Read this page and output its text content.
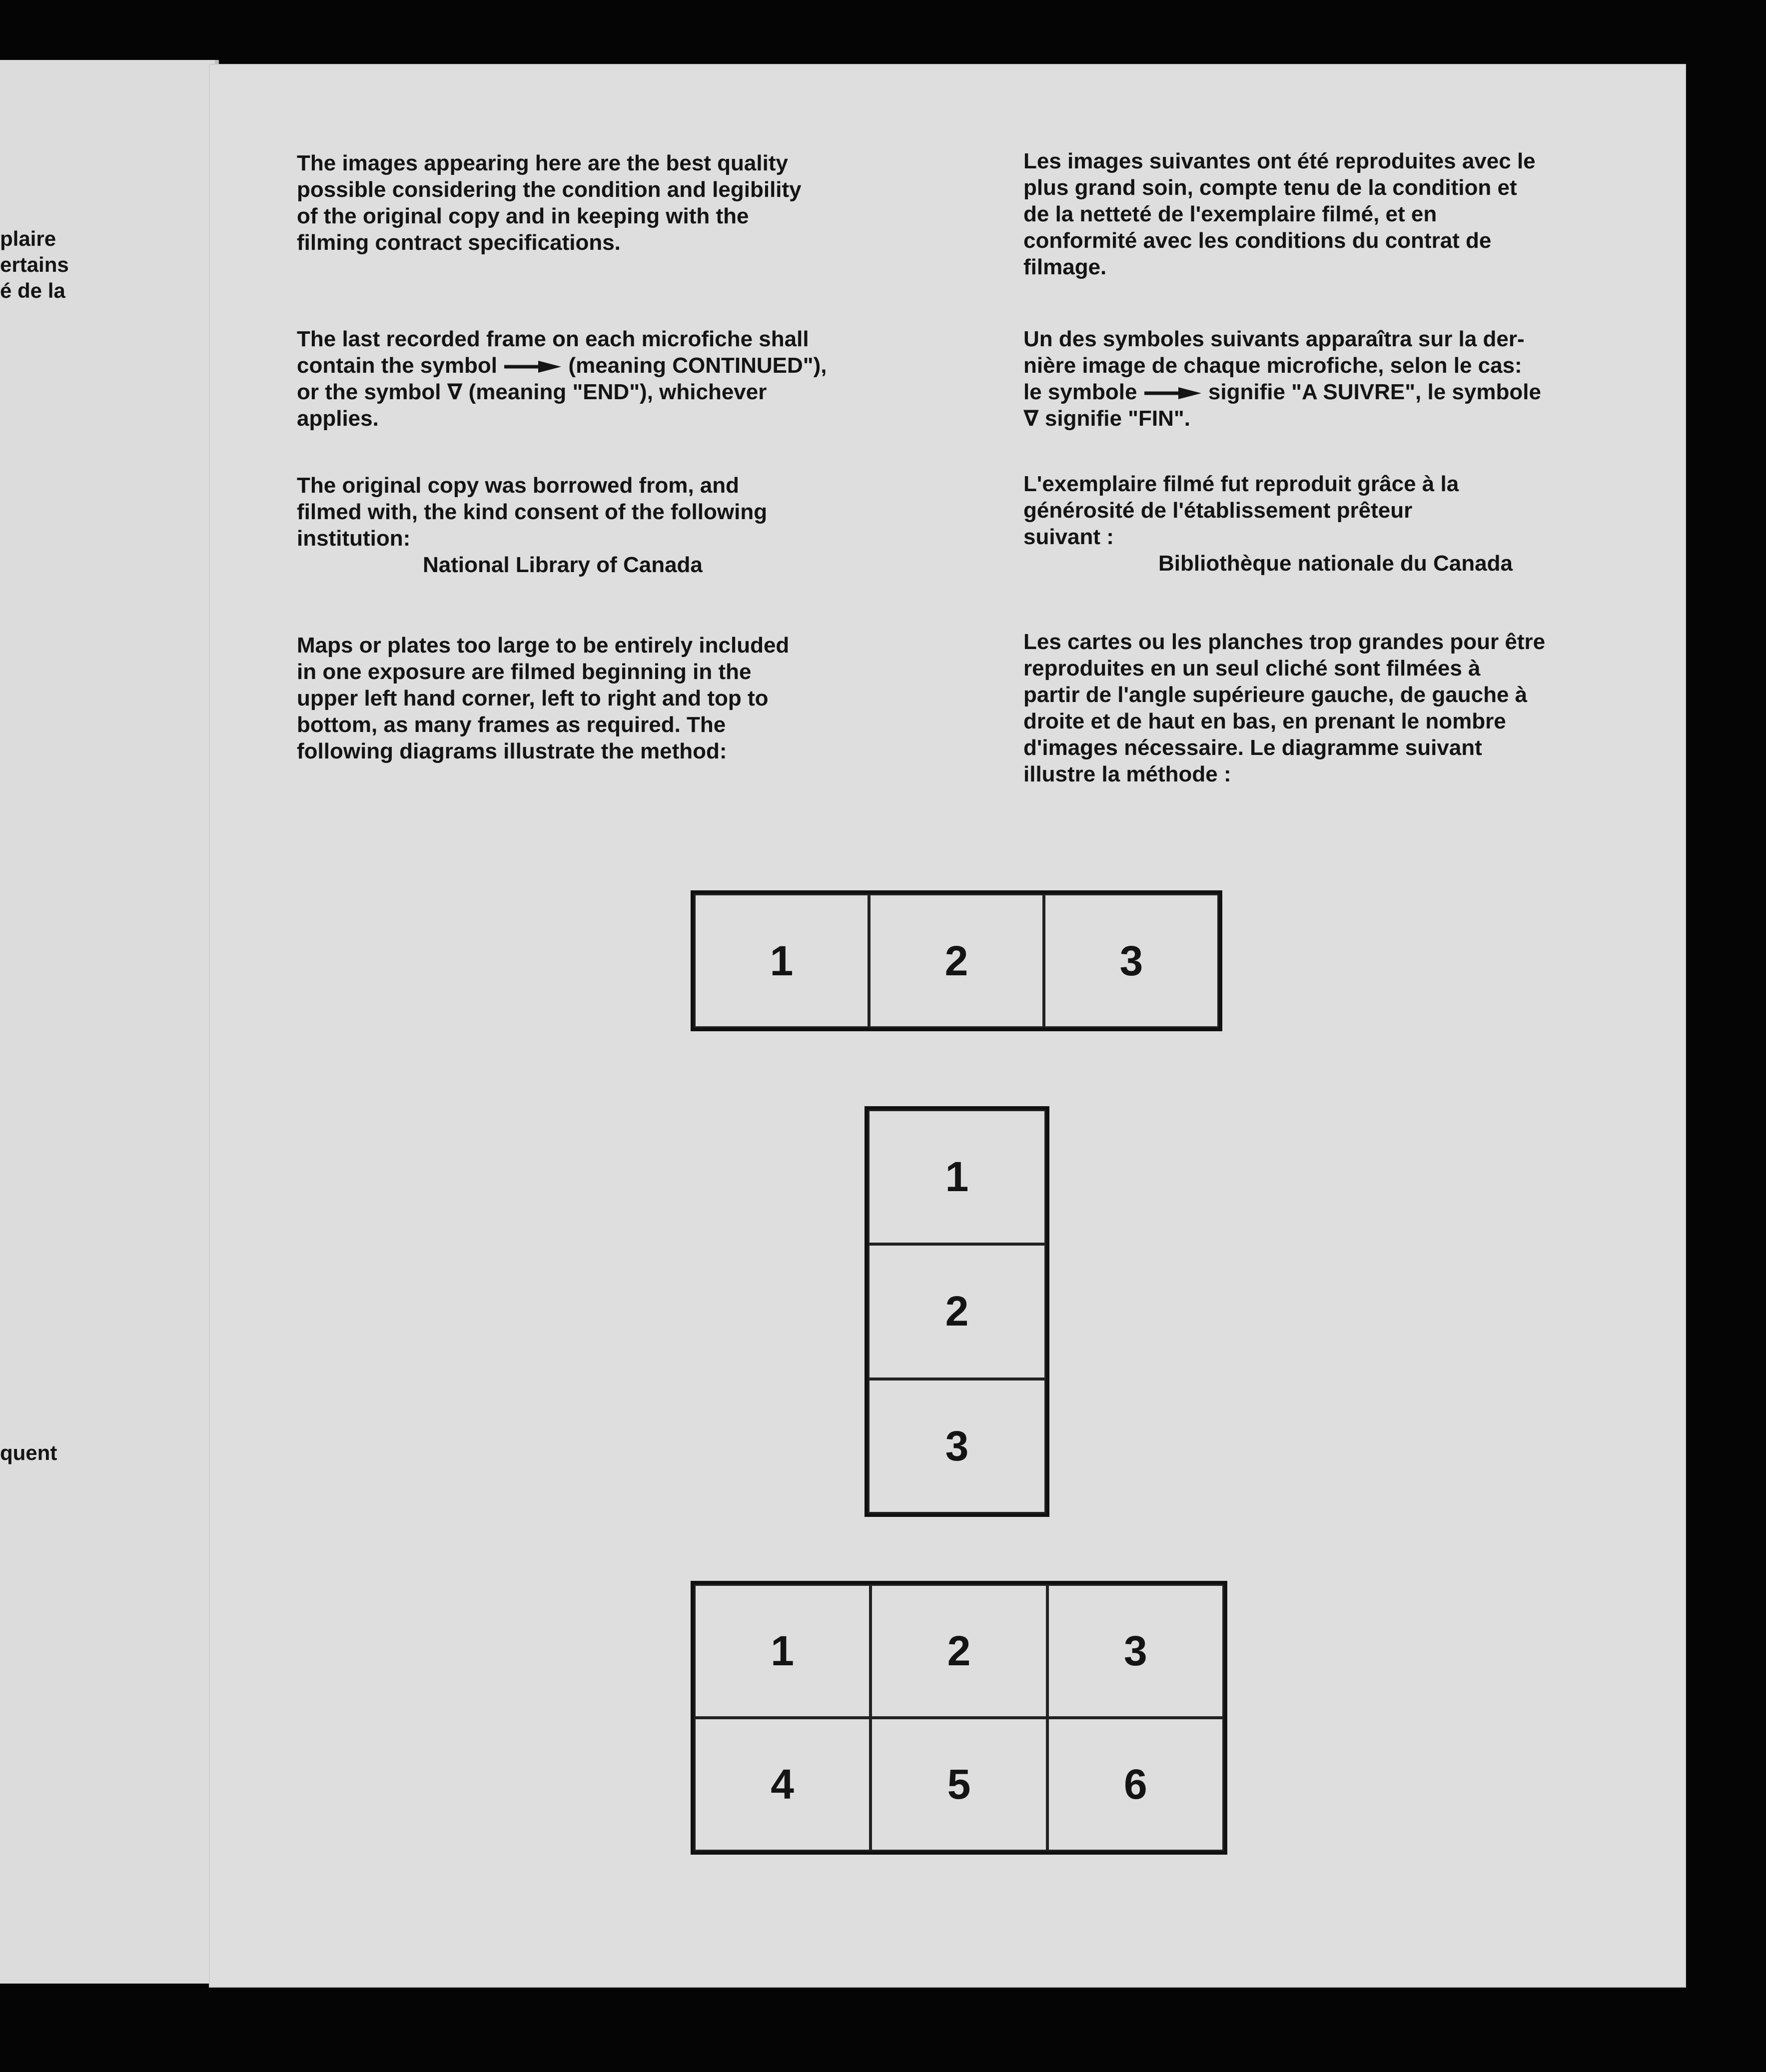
plaire
ertains
é de la
quent

The images appearing here are the best quality

possible considering the condition and legibility

of the original copy and in keeping with the

filming contract specifications.

The last recorded frame on each microfiche shall

contain the symbol	(meaning CONTINUED"),

or the symbol ∇ (meaning "END"), whichever

applies.

The original copy was borrowed from, and

filmed with, the kind consent of the following

institution:

National Library of Canada

Maps or plates too large to be entirely included

in one exposure are filmed beginning in the

upper left hand corner, left to right and top to

bottom, as many frames as required. The

following diagrams illustrate the method:

Les images suivantes ont été reproduites avec le

plus grand soin, compte tenu de la condition et

de la netteté de l'exemplaire filmé, et en

conformité avec les conditions du contrat de

filmage.

Un des symboles suivants apparaîtra sur la der-

nière image de chaque microfiche, selon le cas:

le symbole	signifie "A SUIVRE", le symbole

∇ signifie "FIN".

L'exemplaire filmé fut reproduit grâce à la

générosité de l'établissement prêteur

suivant :

Bibliothèque nationale du Canada

Les cartes ou les planches trop grandes pour être

reproduites en un seul cliché sont filmées à

partir de l'angle supérieure gauche, de gauche à

droite et de haut en bas, en prenant le nombre

d'images nécessaire. Le diagramme suivant

illustre la méthode :

1	2	3
1
2
3
1	2	3
4	5	6
